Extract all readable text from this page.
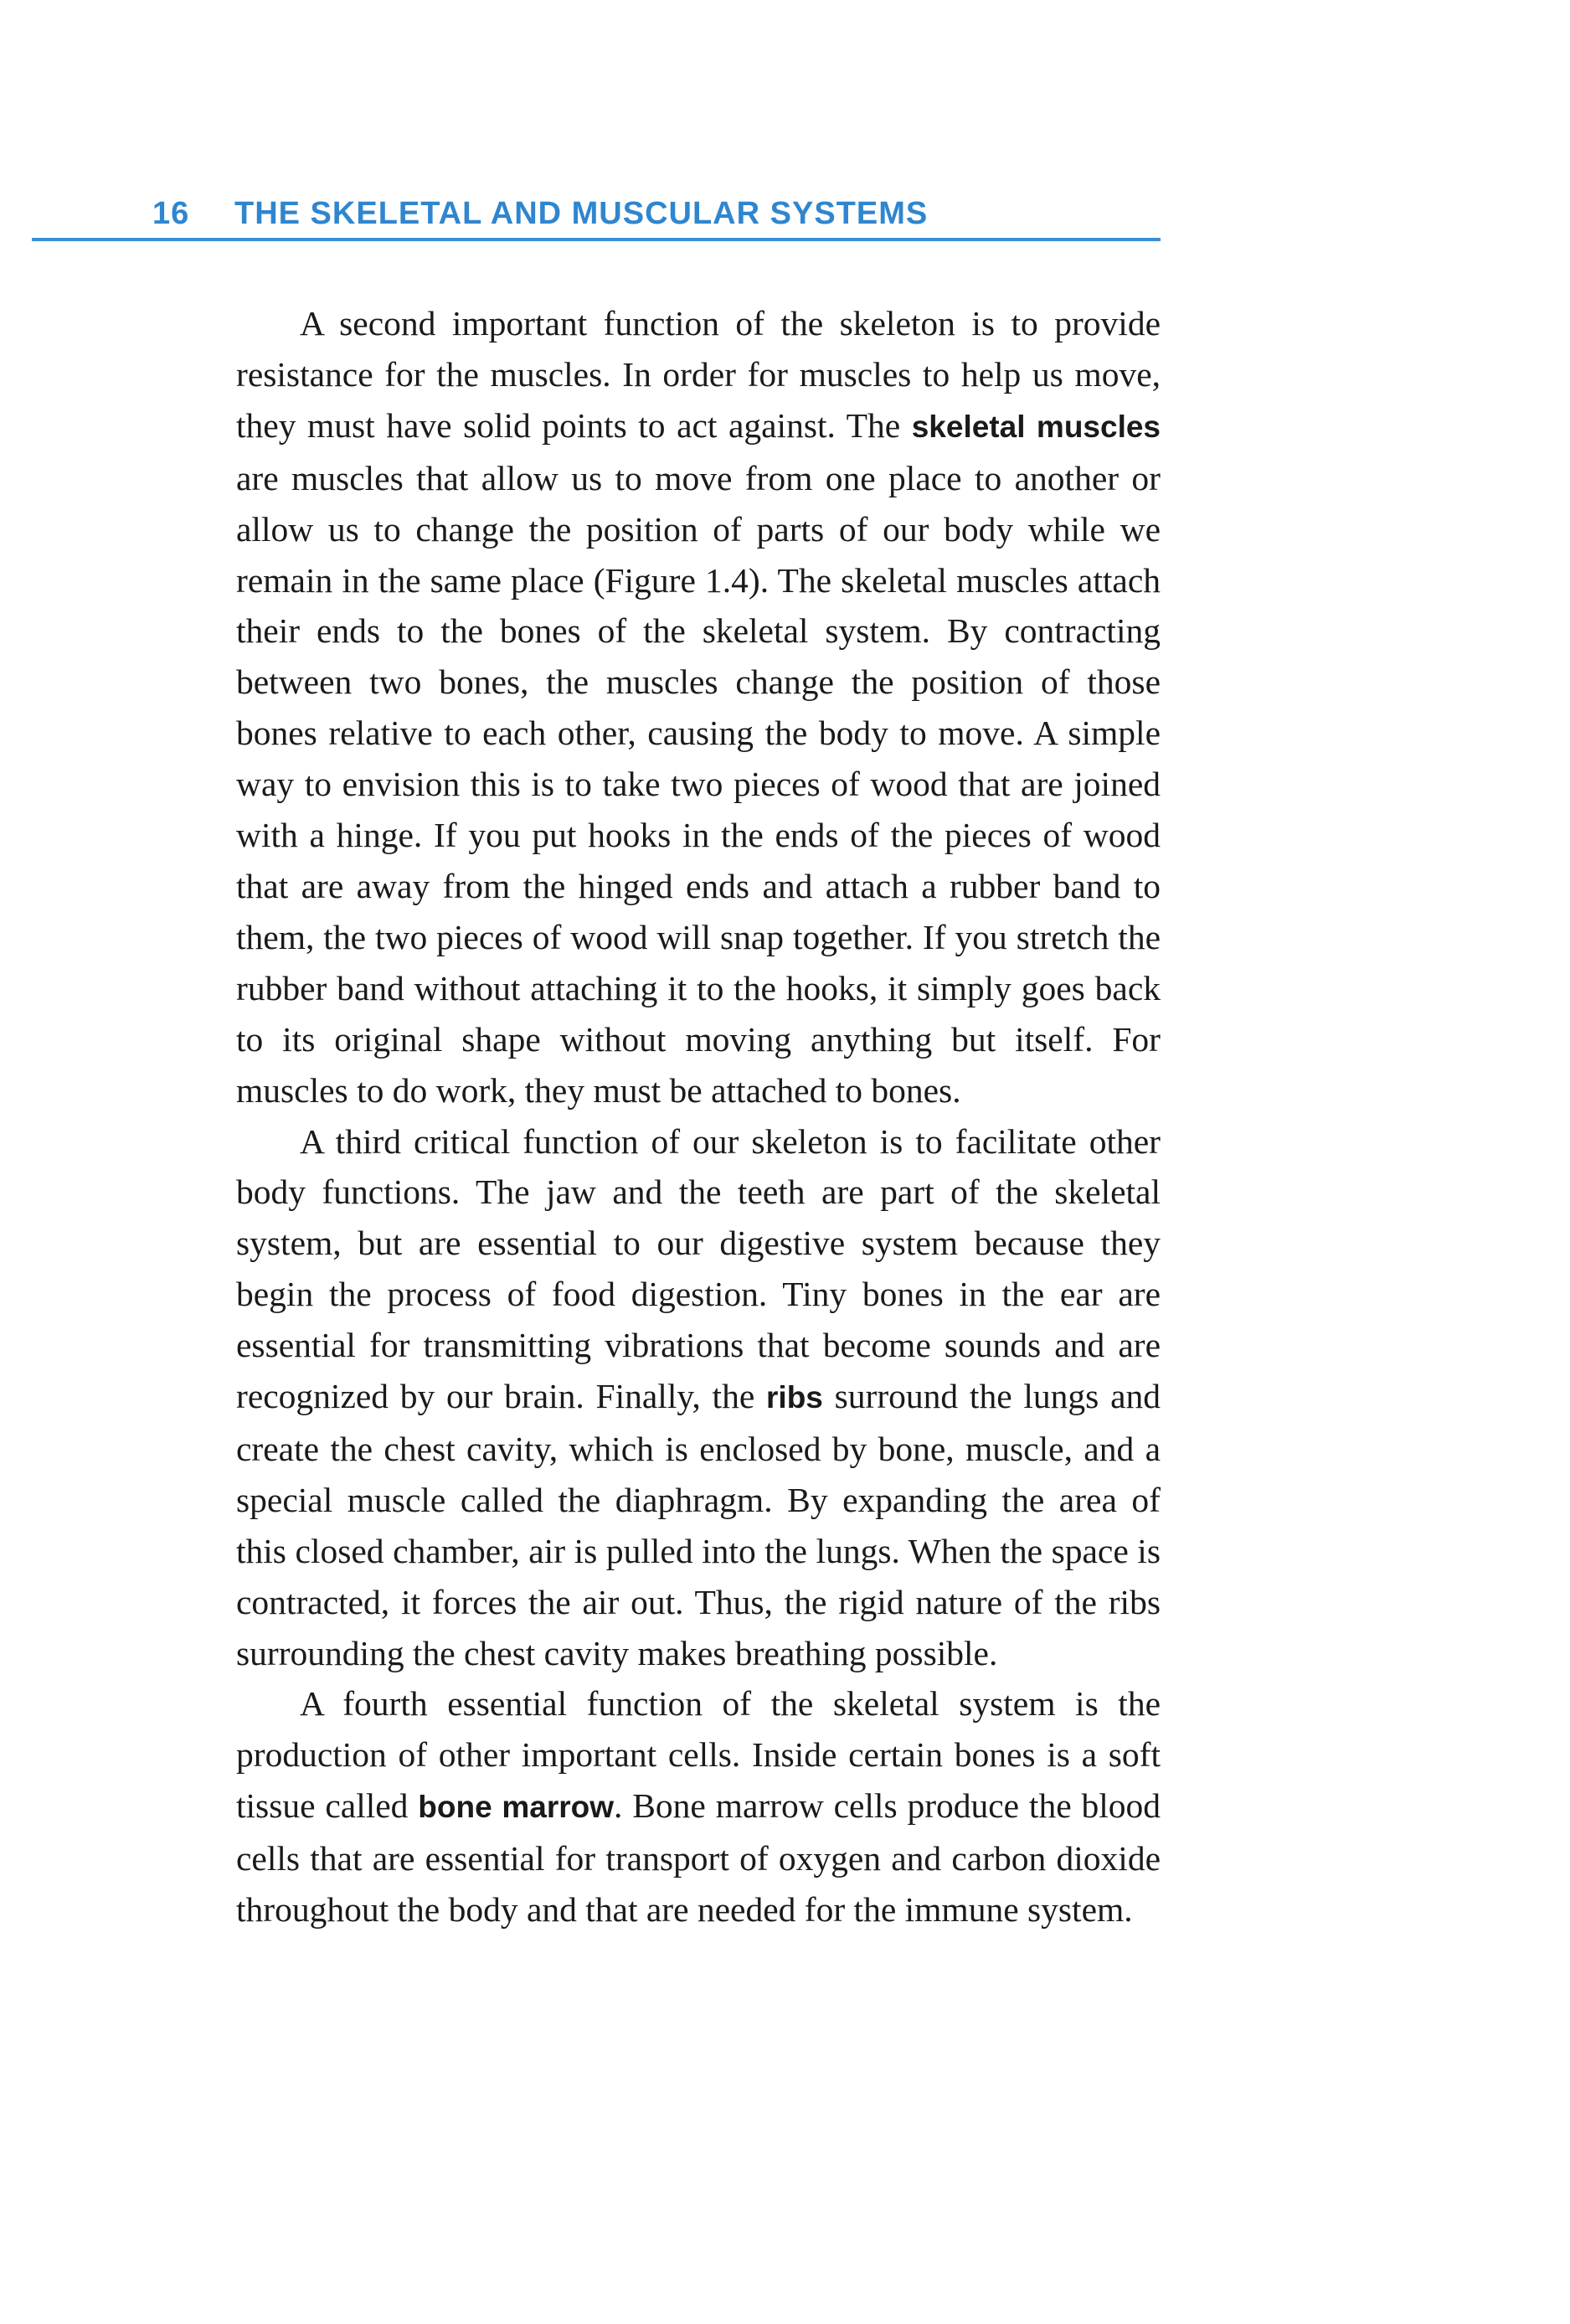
16 THE SKELETAL AND MUSCULAR SYSTEMS

A second important function of the skeleton is to provide resistance for the muscles. In order for muscles to help us move, they must have solid points to act against. The skeletal muscles are muscles that allow us to move from one place to another or allow us to change the position of parts of our body while we remain in the same place (Figure 1.4). The skeletal muscles attach their ends to the bones of the skeletal system. By contracting between two bones, the muscles change the position of those bones relative to each other, causing the body to move. A simple way to envision this is to take two pieces of wood that are joined with a hinge. If you put hooks in the ends of the pieces of wood that are away from the hinged ends and attach a rubber band to them, the two pieces of wood will snap together. If you stretch the rubber band without attaching it to the hooks, it simply goes back to its original shape without moving anything but itself. For muscles to do work, they must be attached to bones.

A third critical function of our skeleton is to facilitate other body functions. The jaw and the teeth are part of the skeletal system, but are essential to our digestive system because they begin the process of food digestion. Tiny bones in the ear are essential for transmitting vibrations that become sounds and are recognized by our brain. Finally, the ribs surround the lungs and create the chest cavity, which is enclosed by bone, muscle, and a special muscle called the diaphragm. By expanding the area of this closed chamber, air is pulled into the lungs. When the space is contracted, it forces the air out. Thus, the rigid nature of the ribs surrounding the chest cavity makes breathing possible.

A fourth essential function of the skeletal system is the production of other important cells. Inside certain bones is a soft tissue called bone marrow. Bone marrow cells produce the blood cells that are essential for transport of oxygen and carbon dioxide throughout the body and that are needed for the immune system.
